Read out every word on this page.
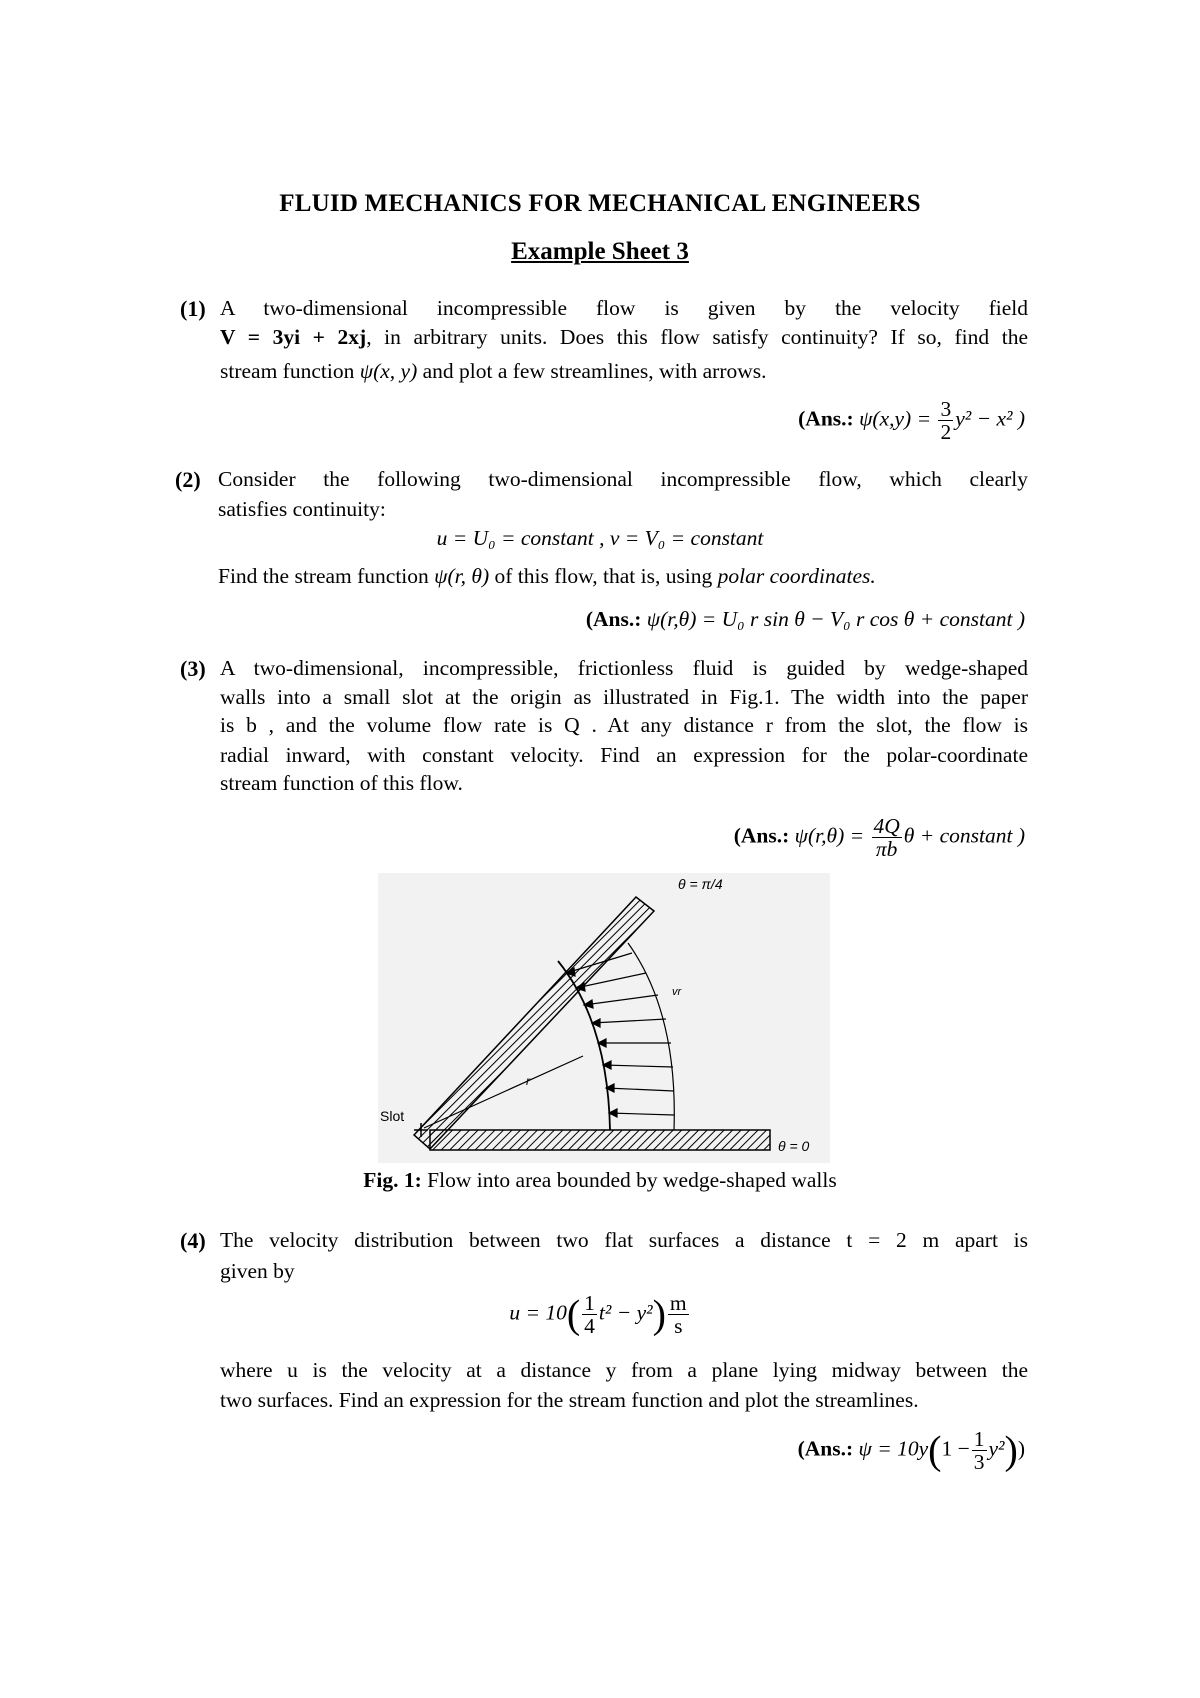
FLUID MECHANICS FOR MECHANICAL ENGINEERS
Example Sheet 3
(1) A two-dimensional incompressible flow is given by the velocity field
V = 3yi + 2xj, in arbitrary units. Does this flow satisfy continuity? If so, find the
stream function ψ(x, y) and plot a few streamlines, with arrows.
(Ans.: $\psi(x,y) = \frac{3}{2} y^2 - x^2$ )
(2) Consider the following two-dimensional incompressible flow, which clearly
satisfies continuity:
u = U₀ = constant , v = V₀ = constant
Find the stream function ψ(r, θ) of this flow, that is, using polar coordinates.
(Ans.: ψ(r,θ) = U₀ r sin θ − V₀ r cos θ + constant )
(3) A two-dimensional, incompressible, frictionless fluid is guided by wedge-shaped
walls into a small slot at the origin as illustrated in Fig.1. The width into the paper
is b , and the volume flow rate is Q . At any distance r from the slot, the flow is
radial inward, with constant velocity. Find an expression for the polar-coordinate
stream function of this flow.
(Ans.: $\psi(r,\theta) = \frac{4Q}{\pi b}$ θ + constant )
θ = π/4
θ = 0
Slot
r
vr
Fig. 1: Flow into area bounded by wedge-shaped walls
(4) The velocity distribution between two flat surfaces a distance t = 2 m apart is
given by
$u = 10( \frac{1}{4} t^2 - y^2) \frac{m}{s}$
where u is the velocity at a distance y from a plane lying midway between the
two surfaces. Find an expression for the stream function and plot the streamlines.
(Ans.: $\psi = 10y(1 - \frac{1}{3} y^2)$)
